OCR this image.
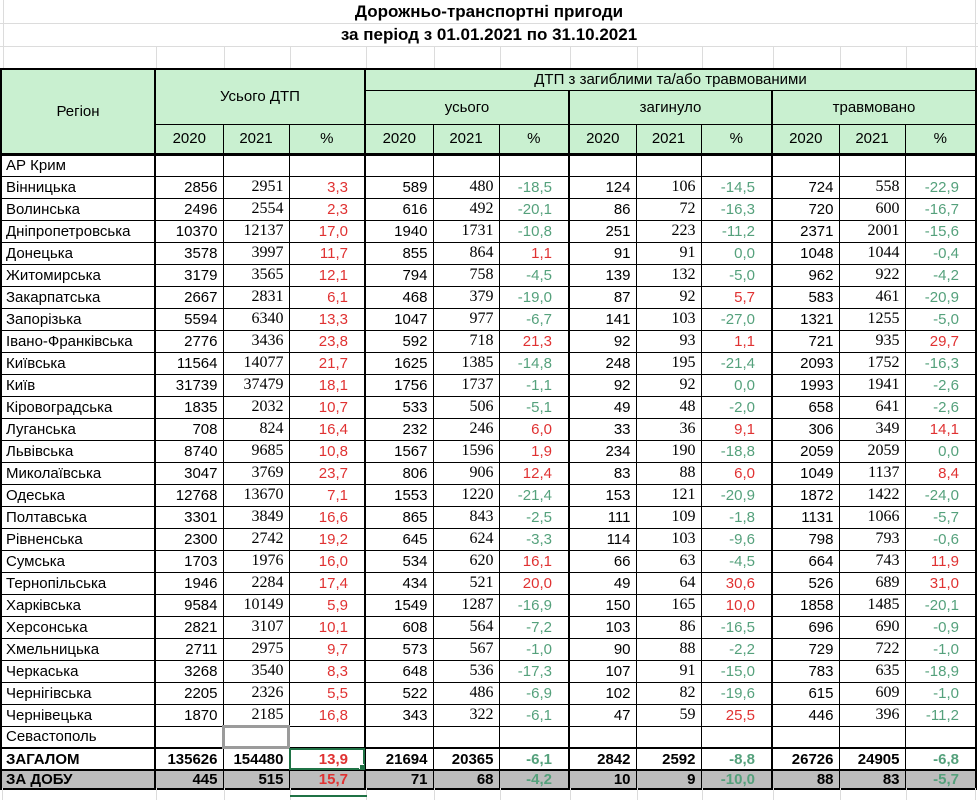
Дорожньо-транспортні пригоди
за період з 01.01.2021 по 31.10.2021
Регіон	Усього ДТП			ДТП з загиблими та/або травмованими								
				усього			загинуло			травмовано		
	2020	2021	%	2020	2021	%	2020	2021	%	2020	2021	%
АР Крим												
Вінницька	2856	2951	3,3	589	480	-18,5	124	106	-14,5	724	558	-22,9
Волинська	2496	2554	2,3	616	492	-20,1	86	72	-16,3	720	600	-16,7
Дніпропетровська	10370	12137	17,0	1940	1731	-10,8	251	223	-11,2	2371	2001	-15,6
Донецька	3578	3997	11,7	855	864	1,1	91	91	0,0	1048	1044	-0,4
Житомирська	3179	3565	12,1	794	758	-4,5	139	132	-5,0	962	922	-4,2
Закарпатська	2667	2831	6,1	468	379	-19,0	87	92	5,7	583	461	-20,9
Запорізька	5594	6340	13,3	1047	977	-6,7	141	103	-27,0	1321	1255	-5,0
Івано-Франківська	2776	3436	23,8	592	718	21,3	92	93	1,1	721	935	29,7
Київська	11564	14077	21,7	1625	1385	-14,8	248	195	-21,4	2093	1752	-16,3
Київ	31739	37479	18,1	1756	1737	-1,1	92	92	0,0	1993	1941	-2,6
Кіровоградська	1835	2032	10,7	533	506	-5,1	49	48	-2,0	658	641	-2,6
Луганська	708	824	16,4	232	246	6,0	33	36	9,1	306	349	14,1
Львівська	8740	9685	10,8	1567	1596	1,9	234	190	-18,8	2059	2059	0,0
Миколаївська	3047	3769	23,7	806	906	12,4	83	88	6,0	1049	1137	8,4
Одеська	12768	13670	7,1	1553	1220	-21,4	153	121	-20,9	1872	1422	-24,0
Полтавська	3301	3849	16,6	865	843	-2,5	111	109	-1,8	1131	1066	-5,7
Рівненська	2300	2742	19,2	645	624	-3,3	114	103	-9,6	798	793	-0,6
Сумська	1703	1976	16,0	534	620	16,1	66	63	-4,5	664	743	11,9
Тернопільська	1946	2284	17,4	434	521	20,0	49	64	30,6	526	689	31,0
Харківська	9584	10149	5,9	1549	1287	-16,9	150	165	10,0	1858	1485	-20,1
Херсонська	2821	3107	10,1	608	564	-7,2	103	86	-16,5	696	690	-0,9
Хмельницька	2711	2975	9,7	573	567	-1,0	90	88	-2,2	729	722	-1,0
Черкаська	3268	3540	8,3	648	536	-17,3	107	91	-15,0	783	635	-18,9
Чернігівська	2205	2326	5,5	522	486	-6,9	102	82	-19,6	615	609	-1,0
Чернівецька	1870	2185	16,8	343	322	-6,1	47	59	25,5	446	396	-11,2
Севастополь												
ЗАГАЛОМ	135626	154480	13,9	21694	20365	-6,1	2842	2592	-8,8	26726	24905	-6,8
ЗА ДОБУ	445	515	15,7	71	68	-4,2	10	9	-10,0	88	83	-5,7
